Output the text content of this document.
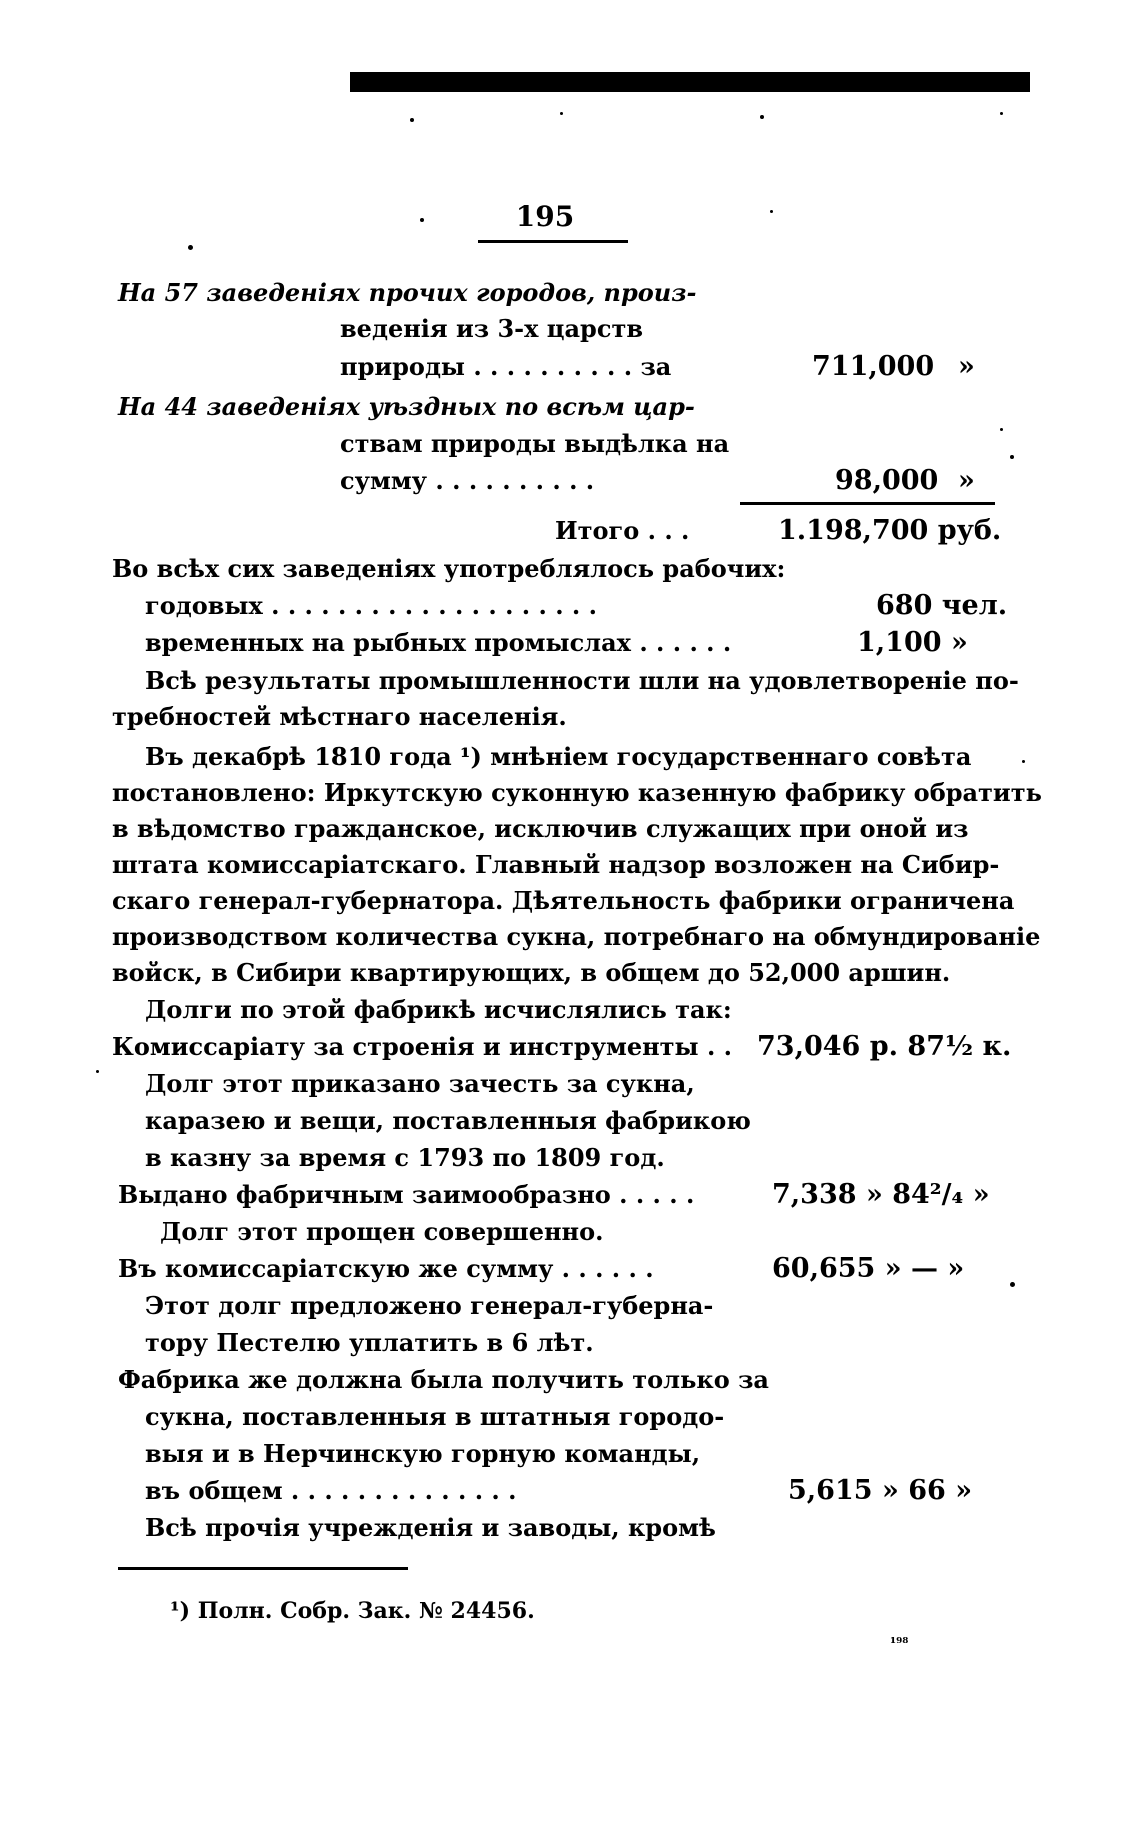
195
На 57 заведеніях прочих городов, произ-
веденія из 3-х царств
природы . . . . . . . . . . за	711,000 »
На 44 заведеніях уѣздных по всѣм цар-
ствам природы выдѣлка на
сумму . . . . . . . . . .	98,000 »
Итого . . .	1.198,700 руб.
Во всѣх сих заведеніях употреблялось рабочих:
годовых . . . . . . . . . . . . . . . . . . . .	680 чел.
временных на рыбных промыслах . . . . . .	1,100 »
Всѣ результаты промышленности шли на удовлетвореніе по-
требностей мѣстнаго населенія.
Въ декабрѣ 1810 года ¹) мнѣніем государственнаго совѣта
постановлено: Иркутскую суконную казенную фабрику обратить
в вѣдомство гражданское, исключив служащих при оной из
штата комиссаріатскаго. Главный надзор возложен на Сибир-
скаго генерал-губернатора. Дѣятельность фабрики ограничена
производством количества сукна, потребнаго на обмундированіе
войск, в Сибири квартирующих, в общем до 52,000 аршин.
Долги по этой фабрикѣ исчислялись так:
Комиссаріату за строенія и инструменты . . 73,046 р. 87½ к.
Долг этот приказано зачесть за сукна,
каразею и вещи, поставленныя фабрикою
в казну за время с 1793 по 1809 год.
Выдано фабричным заимообразно . . . . .	7,338 » 84²/₄ »
Долг этот прощен совершенно.
Въ комиссаріатскую же сумму . . . . . .	60,655 » — »
Этот долг предложено генерал-губерна-
тору Пестелю уплатить в 6 лѣт.
Фабрика же должна была получить только за
сукна, поставленныя в штатныя городо-
выя и в Нерчинскую горную команды,
въ общем . . . . . . . . . . . . . .	5,615 » 66 »
Всѣ прочія учрежденія и заводы, кромѣ
¹) Полн. Собр. Зак. № 24456.
₁₉₈
